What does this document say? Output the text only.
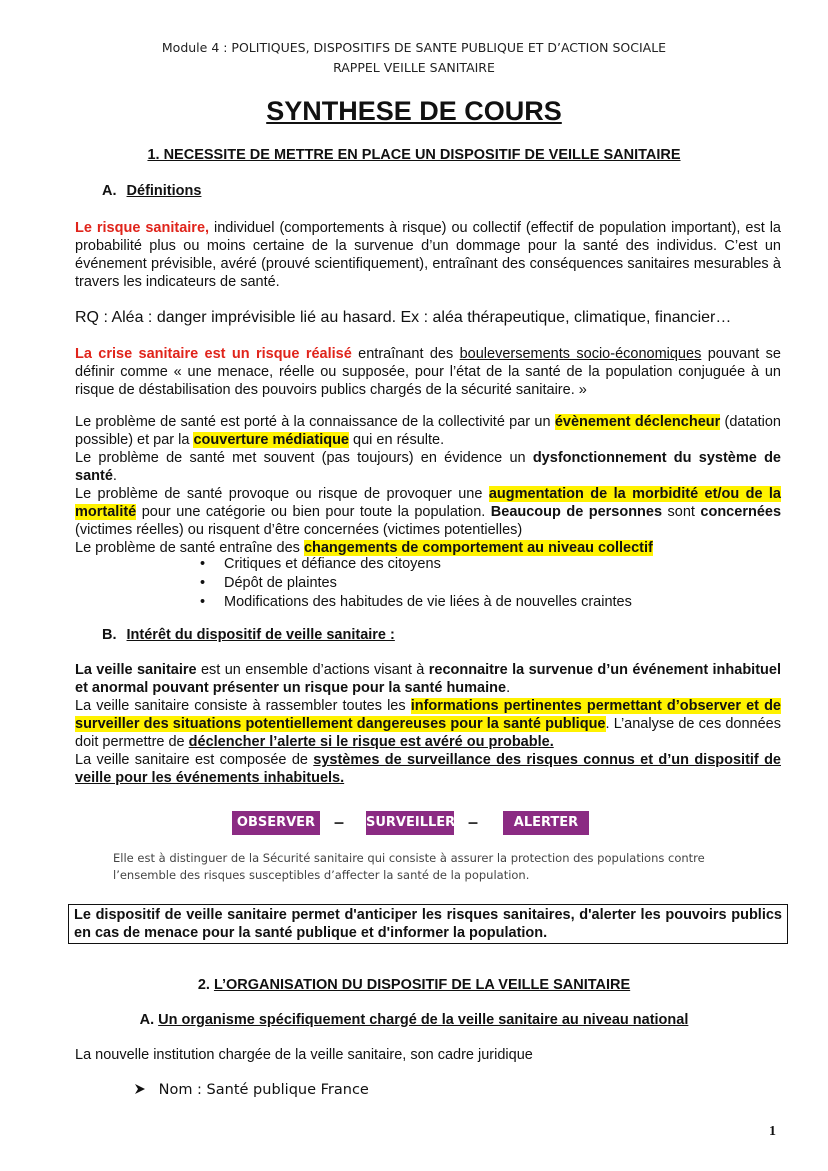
Module 4 : POLITIQUES, DISPOSITIFS DE SANTE PUBLIQUE ET D’ACTION SOCIALE
RAPPEL VEILLE SANITAIRE
SYNTHESE DE COURS
1. NECESSITE DE METTRE EN PLACE UN DISPOSITIF DE VEILLE SANITAIRE
A. Définitions
Le risque sanitaire, individuel (comportements à risque) ou collectif (effectif de population important), est la probabilité plus ou moins certaine de la survenue d’un dommage pour la santé des individus. C’est un événement prévisible, avéré (prouvé scientifiquement), entraînant des conséquences sanitaires mesurables à travers les indicateurs de santé.
RQ : Aléa : danger imprévisible lié au hasard. Ex : aléa thérapeutique, climatique, financier…
La crise sanitaire est un risque réalisé entraînant des bouleversements socio-économiques pouvant se définir comme « une menace, réelle ou supposée, pour l’état de la santé de la population conjuguée à un risque de déstabilisation des pouvoirs publics chargés de la sécurité sanitaire. »
Le problème de santé est porté à la connaissance de la collectivité par un évènement déclencheur (datation possible) et par la couverture médiatique qui en résulte.
Le problème de santé met souvent (pas toujours) en évidence un dysfonctionnement du système de santé.
Le problème de santé provoque ou risque de provoquer une augmentation de la morbidité et/ou de la mortalité pour une catégorie ou bien pour toute la population. Beaucoup de personnes sont concernées (victimes réelles) ou risquent d’être concernées (victimes potentielles)
Le problème de santé entraîne des changements de comportement au niveau collectif
• Critiques et défiance des citoyens
• Dépôt de plaintes
• Modifications des habitudes de vie liées à de nouvelles craintes
B. Intérêt du dispositif de veille sanitaire :
La veille sanitaire est un ensemble d’actions visant à reconnaitre la survenue d’un événement inhabituel et anormal pouvant présenter un risque pour la santé humaine.
La veille sanitaire consiste à rassembler toutes les informations pertinentes permettant d’observer et de surveiller des situations potentiellement dangereuses pour la santé publique. L’analyse de ces données doit permettre de déclencher l’alerte si le risque est avéré ou probable.
La veille sanitaire est composée de systèmes de surveillance des risques connus et d’un dispositif de veille pour les événements inhabituels.
OBSERVER – SURVEILLER –	ALERTER
Elle est à distinguer de la Sécurité sanitaire qui consiste à assurer la protection des populations contre l’ensemble des risques susceptibles d’affecter la santé de la population.
Le dispositif de veille sanitaire permet d'anticiper les risques sanitaires, d'alerter les pouvoirs publics en cas de menace pour la santé publique et d'informer la population.
2. L’ORGANISATION DU DISPOSITIF DE LA VEILLE SANITAIRE
A. Un organisme spécifiquement chargé de la veille sanitaire au niveau national
La nouvelle institution chargée de la veille sanitaire, son cadre juridique
Nom : Santé publique France
1
